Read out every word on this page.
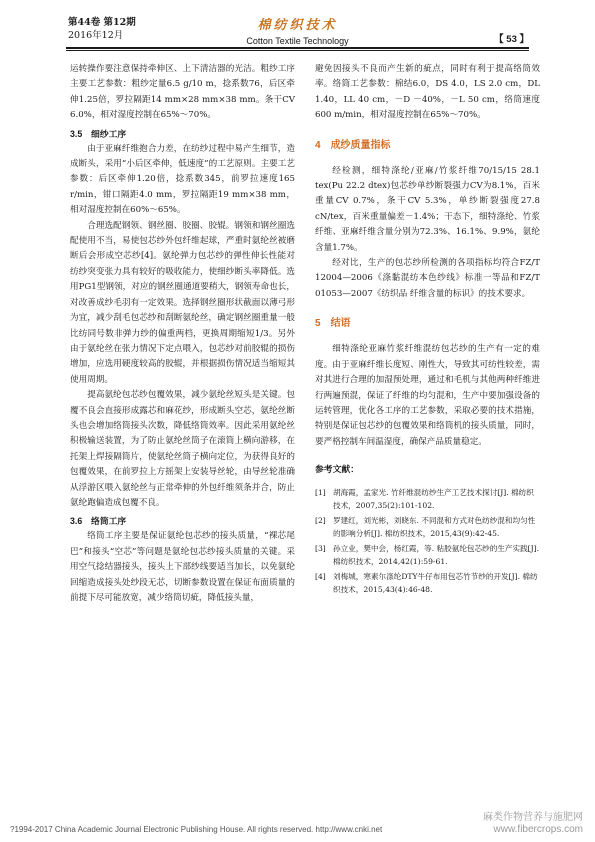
第44卷 第12期
2016年12月
棉纺织技术
Cotton Textile Technology	【 53 】

运转操作要注意保持牵伸区、上下清洁器的光洁。粗纱工序主要工艺参数：粗纱定量6.5 g/10 m，捻系数76，后区牵伸1.25倍，罗拉隔距14 mm×28 mm×38 mm。条干CV 6.0%，相对湿度控制在65%～70%。

3.5　细纱工序

由于亚麻纤维抱合力差，在纺纱过程中易产生细节，造成断头，采用“小后区牵伸，低速度”的工艺原则。主要工艺参数：后区牵伸1.20倍，捻系数345，前罗拉速度165 r/min，钳口隔距4.0 mm，罗拉隔距19 mm×38 mm，相对湿度控制在60%～65%。

合理选配钢领、钢丝圈、胶圈、胶辊。钢领和钢丝圈选配使用不当，易使包芯纱外包纤维起球，严重时氨纶丝被磨断后会形成空芯纱[4]。氨纶弹力包芯纱的弹性伸长性能对纺纱突变张力具有较好的吸收能力，使细纱断头率降低。选用PG1型钢领，对应的钢丝圈通道要稍大，钢领寿命也长，对改善成纱毛羽有一定效果。选择钢丝圈形状截面以薄弓形为宜，减少刮毛包芯纱和刮断氨纶丝，确定钢丝圈重量一般比纺同号数非弹力纱的偏重两档，更换周期缩短1/3。另外由于氨纶丝在张力情况下定点喂入，包芯纱对前胶辊的损伤增加，应选用硬度较高的胶辊，并根据损伤情况适当缩短其使用周期。

提高氨纶包芯纱包覆效果，减少氨纶丝短头是关键。包覆不良会直接形成露芯和麻花纱，形成断头空芯，氨纶丝断头也会增加络筒接头次数，降低络筒效率。因此采用氨纶丝积极输送装置，为了防止氨纶丝筒子在滚筒上横向游移，在托架上焊接隔筒片，使氨纶丝筒子横向定位，为获得良好的包覆效果，在前罗拉上方摇架上安装导丝轮，由导丝轮准确从浮游区喂入氨纶丝与正常牵伸的外包纤维须条并合，防止氨纶跑偏造成包覆不良。

3.6　络筒工序

络筒工序主要是保证氨纶包芯纱的接头质量，“裸芯尾巴”和接头“空芯”等问题是氨纶包芯纱接头质量的关键。采用空气捻结器接头，接头上下部纱线要适当加长，以免氨纶回缩造成接头处纱段无芯，切断参数设置在保证布面质量的前提下尽可能放宽，减少络筒切疵，降低接头量，

避免因接头不良而产生新的疵点，同时有利于提高络筒效率。络筒工艺参数：棉结6.0，DS 4.0，LS 2.0 cm，DL 1.40，LL 40 cm，－D －40%，－L 50 cm，络筒速度600 m/min，相对湿度控制在65%～70%。

4 成纱质量指标

经检测，细特涤纶/亚麻/竹浆纤维70/15/15 28.1 tex(Pu 22.2 dtex)包芯纱单纱断裂强力CV为8.1%，百米重量CV 0.7%，条干CV 5.3%，单纱断裂强度27.8 cN/tex，百米重量偏差－1.4%；干态下，细特涤纶、竹浆纤维、亚麻纤维含量分别为72.3%、16.1%、9.9%，氨纶含量1.7%。

经对比，生产的包芯纱所检测的各项指标均符合FZ/T 12004—2006《涤黏混纺本色纱线》标准一等品和FZ/T 01053—2007《纺织品 纤维含量的标识》的技术要求。

5 结语

细特涤纶亚麻竹浆纤维混纺包芯纱的生产有一定的难度。由于亚麻纤维长度短、刚性大，导致其可纺性较差，需对其进行合理的加湿预处理，通过和毛机与其他两种纤维进行两遍预混，保证了纤维的均匀混和，生产中要加强设备的运转管理，优化各工序的工艺参数，采取必要的技术措施，特别是保证包芯纱的包覆效果和络筒机的接头质量，同时，要严格控制车间温湿度，确保产品质量稳定。

参考文献：
[1] 胡海霞，孟家光. 竹纤维混纺纱生产工艺技术探讨[J]. 棉纺织技术，2007,35(2):101-102.
[2] 罗建红，刘光彬，刘晓东. 不同混和方式对色纺纱混和均匀性的影响分析[J]. 棉纺织技术，2015,43(9):42-45.
[3] 孙立业，樊中会，杨红霞，等. 粘胶氨纶包芯纱的生产实践[J]. 棉纺织技术，2014,42(1):59-61.
[4] 刘梅城，寒素尔涤纶DTY牛仔布用包芯竹节纱的开发[J]. 棉纺织技术，2015,43(4):46-48.
麻类作物营养与施肥网
www.fibercrops.com
?1994-2017 China Academic Journal Electronic Publishing House. All rights reserved. http://www.cnki.net
